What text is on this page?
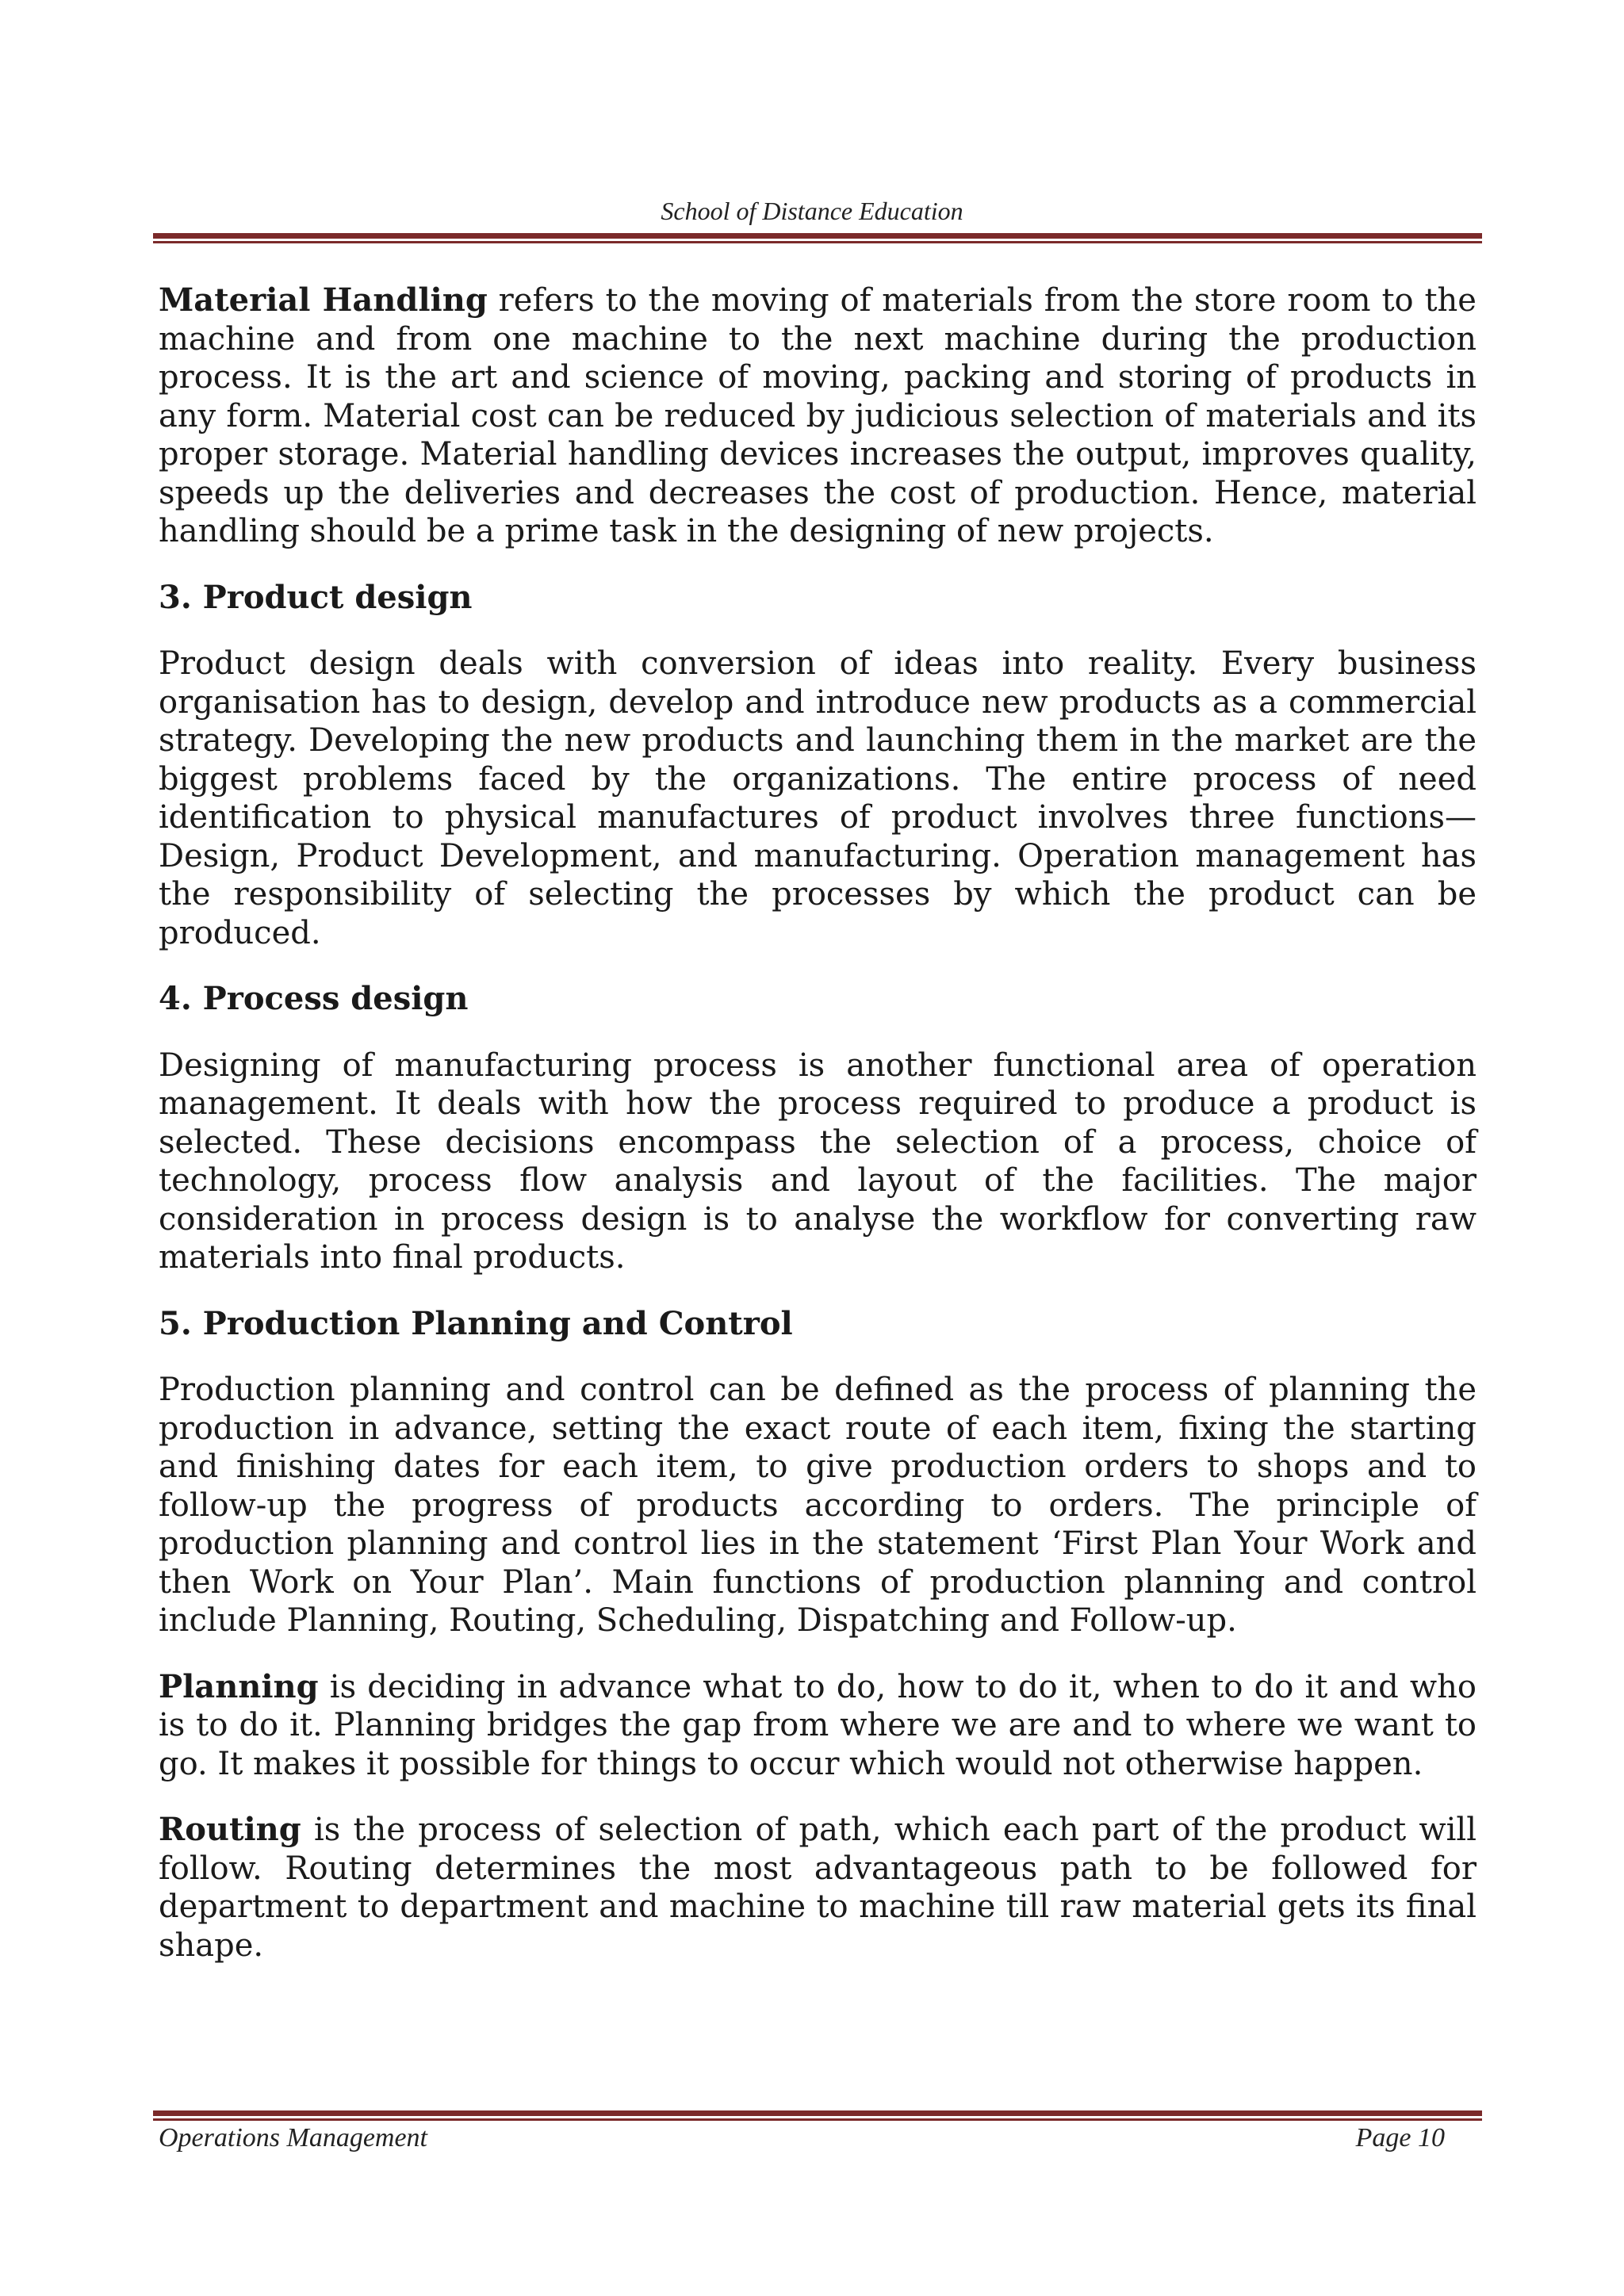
School of Distance Education

Material Handling refers to the moving of materials from the store room to the machine and from one machine to the next machine during the production process. It is the art and science of moving, packing and storing of products in any form. Material cost can be reduced by judicious selection of materials and its proper storage. Material handling devices increases the output, improves quality, speeds up the deliveries and decreases the cost of production. Hence, material handling should be a prime task in the designing of new projects.

3. Product design

Product design deals with conversion of ideas into reality. Every business organisation has to design, develop and introduce new products as a commercial strategy. Developing the new products and launching them in the market are the biggest problems faced by the organizations. The entire process of need identification to physical manufactures of product involves three functions—Design, Product Development, and manufacturing. Operation management has the responsibility of selecting the processes by which the product can be produced.

4. Process design

Designing of manufacturing process is another functional area of operation management. It deals with how the process required to produce a product is selected. These decisions encompass the selection of a process, choice of technology, process flow analysis and layout of the facilities. The major consideration in process design is to analyse the workflow for converting raw materials into final products.

5. Production Planning and Control

Production planning and control can be defined as the process of planning the production in advance, setting the exact route of each item, fixing the starting and finishing dates for each item, to give production orders to shops and to follow-up the progress of products according to orders. The principle of production planning and control lies in the statement ‘First Plan Your Work and then Work on Your Plan’. Main functions of production planning and control include Planning, Routing, Scheduling, Dispatching and Follow-up.

Planning is deciding in advance what to do, how to do it, when to do it and who is to do it. Planning bridges the gap from where we are and to where we want to go. It makes it possible for things to occur which would not otherwise happen.

Routing is the process of selection of path, which each part of the product will follow. Routing determines the most advantageous path to be followed for department to department and machine to machine till raw material gets its final shape.

Operations Management	Page 10
